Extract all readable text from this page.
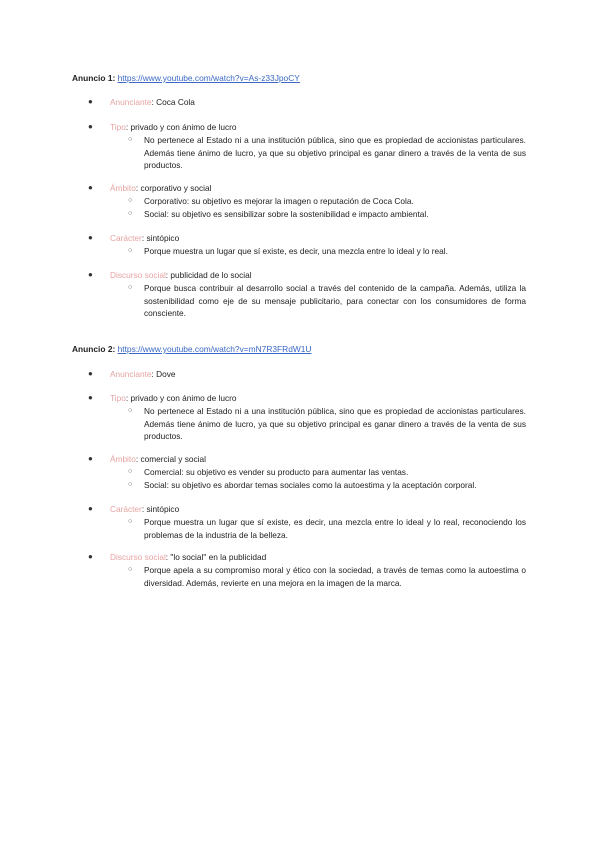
Anuncio 1: https://www.youtube.com/watch?v=As-z33JpoCY
● Anunciante: Coca Cola
● Tipo: privado y con ánimo de lucro
○ No pertenece al Estado ni a una institución pública, sino que es propiedad de accionistas particulares. Además tiene ánimo de lucro, ya que su objetivo principal es ganar dinero a través de la venta de sus productos.
● Ámbito: corporativo y social
○ Corporativo: su objetivo es mejorar la imagen o reputación de Coca Cola.
○ Social: su objetivo es sensibilizar sobre la sostenibilidad e impacto ambiental.
● Carácter: sintópico
○ Porque muestra un lugar que sí existe, es decir, una mezcla entre lo ideal y lo real.
● Discurso social: publicidad de lo social
○ Porque busca contribuir al desarrollo social a través del contenido de la campaña. Además, utiliza la sostenibilidad como eje de su mensaje publicitario, para conectar con los consumidores de forma consciente.
Anuncio 2: https://www.youtube.com/watch?v=mN7R3FRdW1U
● Anunciante: Dove
● Tipo: privado y con ánimo de lucro
○ No pertenece al Estado ni a una institución pública, sino que es propiedad de accionistas particulares. Además tiene ánimo de lucro, ya que su objetivo principal es ganar dinero a través de la venta de sus productos.
● Ámbito: comercial y social
○ Comercial: su objetivo es vender su producto para aumentar las ventas.
○ Social: su objetivo es abordar temas sociales como la autoestima y la aceptación corporal.
● Carácter: sintópico
○ Porque muestra un lugar que sí existe, es decir, una mezcla entre lo ideal y lo real, reconociendo los problemas de la industria de la belleza.
● Discurso social: "lo social" en la publicidad
○ Porque apela a su compromiso moral y ético con la sociedad, a través de temas como la autoestima o diversidad. Además, revierte en una mejora en la imagen de la marca.
